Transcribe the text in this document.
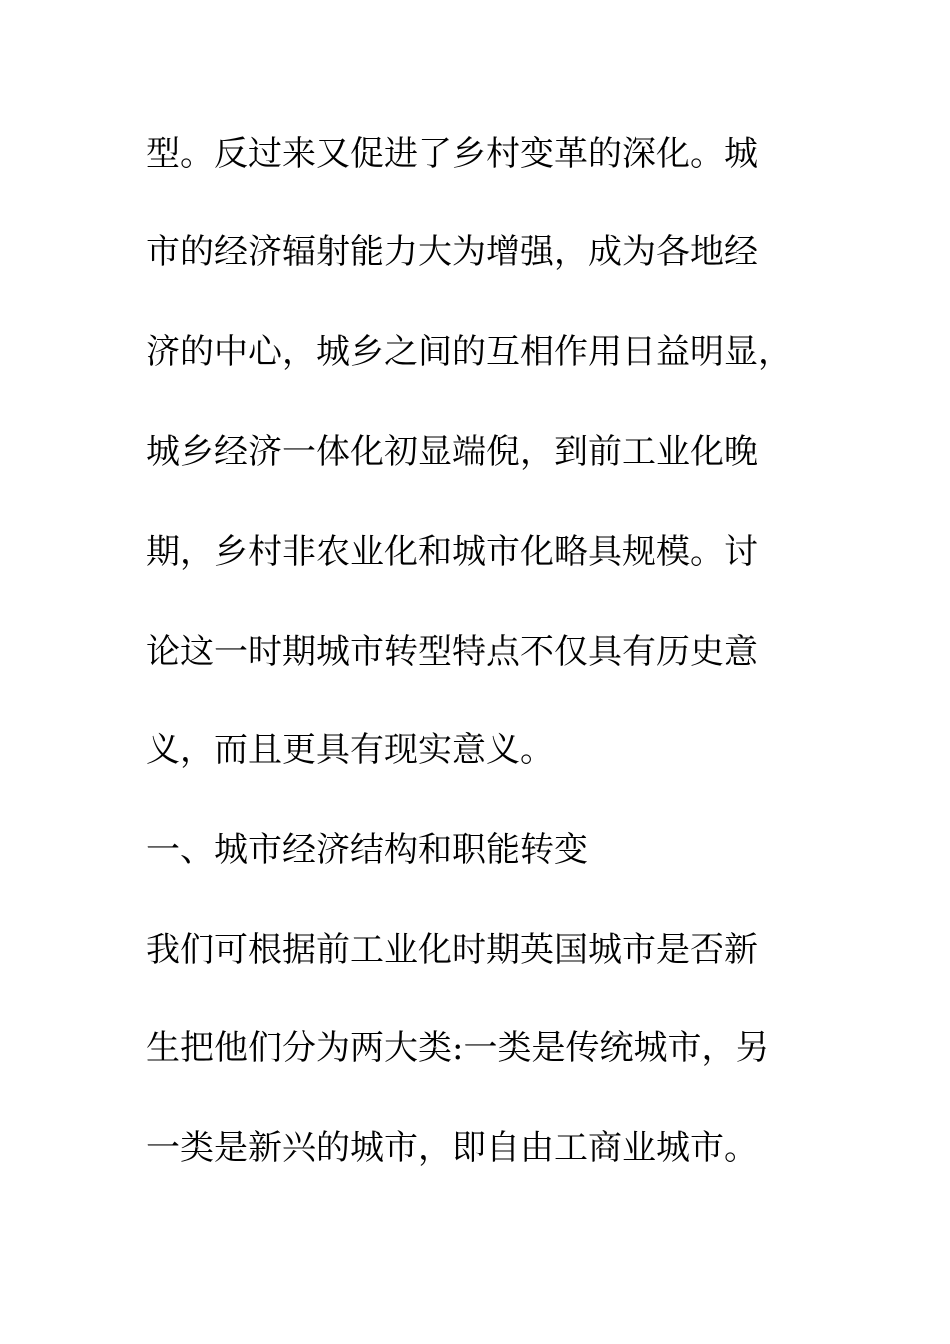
型。反过来又促进了乡村变革的深化。城
市的经济辐射能力大为增强，成为各地经
济的中心，城乡之间的互相作用日益明显，
城乡经济一体化初显端倪，到前工业化晚
期，乡村非农业化和城市化略具规模。讨
论这一时期城市转型特点不仅具有历史意
义，而且更具有现实意义。
一、城市经济结构和职能转变
我们可根据前工业化时期英国城市是否新
生把他们分为两大类:一类是传统城市，另
一类是新兴的城市，即自由工商业城市。
